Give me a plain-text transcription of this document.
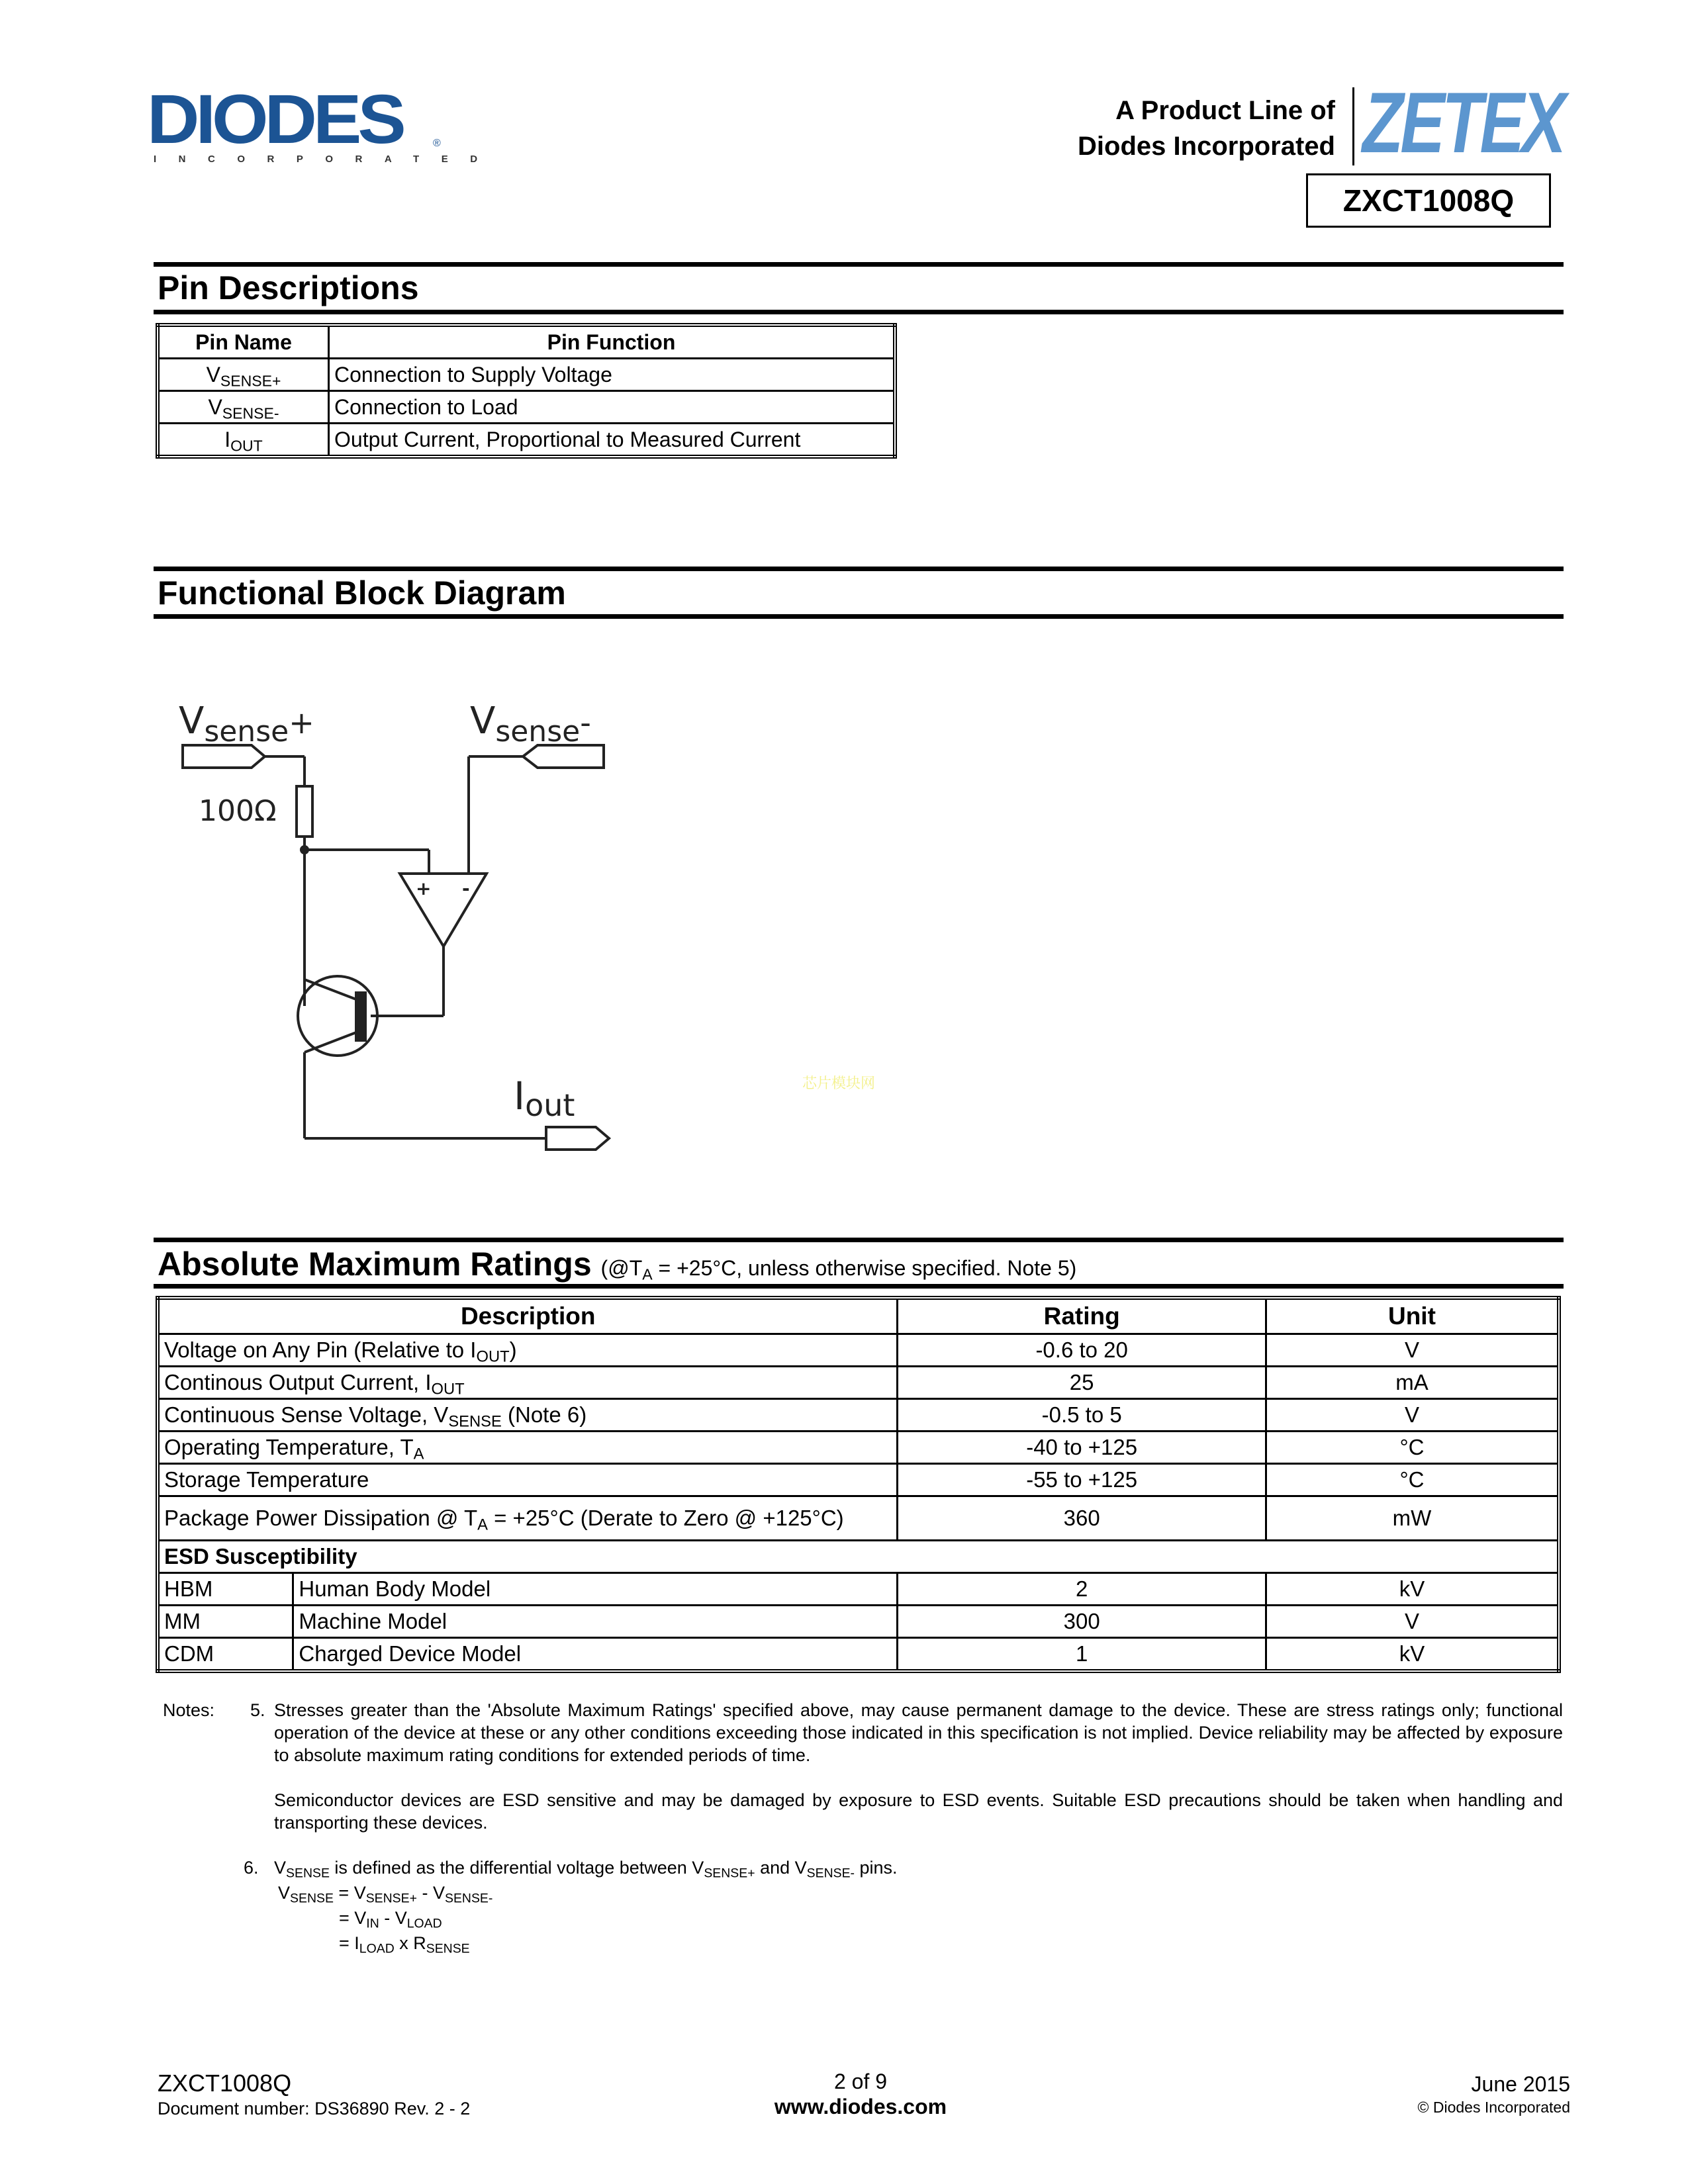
DIODES	®
INCORPORATED
A Product Line of
Diodes Incorporated ZETEX
ZXCT1008Q
Pin Descriptions
Pin Name	Pin Function
$V_{SENSE+}$	Connection to Supply Voltage
$V_{SENSE-}$	Connection to Load
$I_{OUT}$	Output Current, Proportional to Measured Current
Functional Block Diagram
$V_{sense}^+$	$V_{sense}^-$
100Ω
+ -
Iout
芯片模块网
Absolute Maximum Ratings ($@T_A = +25^\circ C$, unless otherwise specified. Note 5)
Description		Rating	Unit
Voltage on Any Pin (Relative to $I_{OUT}$)		-0.6 to 20	V
Continous Output Current, $I_{OUT}$		25	mA
Continuous Sense Voltage, $V_{SENSE}$ (Note 6)		-0.5 to 5	V
Operating Temperature, $T_A$		-40 to +125	°C
Storage Temperature		-55 to +125	°C
Package Power Dissipation @ $T_A = +25^\circ C$ (Derate to Zero @ +125°C)		360	mW
ESD Susceptibility			
HBM	Human Body Model	2	kV
MM	Machine Model	300	V
CDM	Charged Device Model	1	kV
Notes:	5. Stresses greater than the 'Absolute Maximum Ratings' specified above, may cause permanent damage to the device. These are stress ratings only; functional operation of the device at these or any other conditions exceeding those indicated in this specification is not implied. Device reliability may be affected by exposure to absolute maximum rating conditions for extended periods of time.
Semiconductor devices are ESD sensitive and may be damaged by exposure to ESD events. Suitable ESD precautions should be taken when handling and transporting these devices.
6. $V_{SENSE}$ is defined as the differential voltage between $V_{SENSE+}$ and $V_{SENSE-}$ pins.
$V_{SENSE} = V_{SENSE+} - V_{SENSE-}$
= $V_{IN} - V_{LOAD}$
= $I_{LOAD}$ x $R_{SENSE}$
ZXCT1008Q
Document number: DS36890 Rev. 2 - 2
2 of 9
www.diodes.com
June 2015
© Diodes Incorporated
